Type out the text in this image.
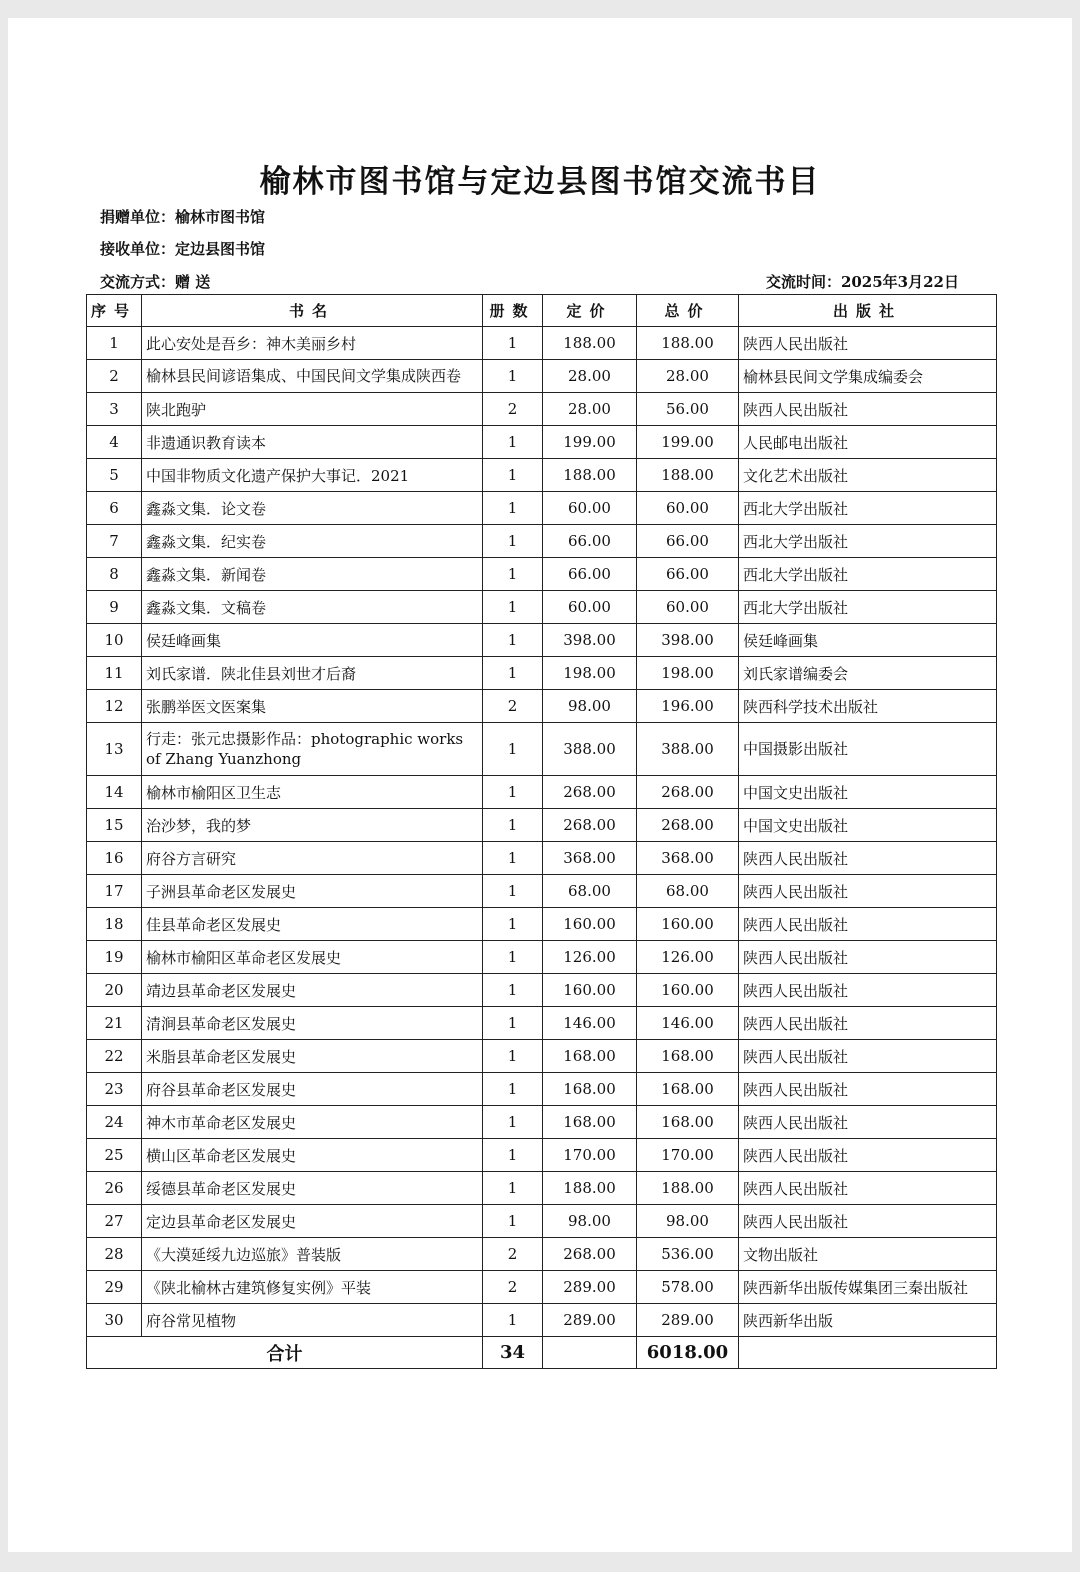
榆林市图书馆与定边县图书馆交流书目
捐赠单位：榆林市图书馆
接收单位：定边县图书馆
交流方式：赠 送	交流时间：2025年3月22日
序号	书名	册数	定价	总价	出版社
1	此心安处是吾乡：神木美丽乡村	1	188.00	188.00	陕西人民出版社
2	榆林县民间谚语集成、中国民间文学集成陕西卷	1	28.00	28.00	榆林县民间文学集成编委会
3	陕北跑驴	2	28.00	56.00	陕西人民出版社
4	非遗通识教育读本	1	199.00	199.00	人民邮电出版社
5	中国非物质文化遗产保护大事记．2021	1	188.00	188.00	文化艺术出版社
6	鑫淼文集．论文卷	1	60.00	60.00	西北大学出版社
7	鑫淼文集．纪实卷	1	66.00	66.00	西北大学出版社
8	鑫淼文集．新闻卷	1	66.00	66.00	西北大学出版社
9	鑫淼文集．文稿卷	1	60.00	60.00	西北大学出版社
10	侯廷峰画集	1	398.00	398.00	侯廷峰画集
11	刘氏家谱．陕北佳县刘世才后裔	1	198.00	198.00	刘氏家谱编委会
12	张鹏举医文医案集	2	98.00	196.00	陕西科学技术出版社
13	行走：张元忠摄影作品：photographic works of Zhang Yuanzhong	1	388.00	388.00	中国摄影出版社
14	榆林市榆阳区卫生志	1	268.00	268.00	中国文史出版社
15	治沙梦，我的梦	1	268.00	268.00	中国文史出版社
16	府谷方言研究	1	368.00	368.00	陕西人民出版社
17	子洲县革命老区发展史	1	68.00	68.00	陕西人民出版社
18	佳县革命老区发展史	1	160.00	160.00	陕西人民出版社
19	榆林市榆阳区革命老区发展史	1	126.00	126.00	陕西人民出版社
20	靖边县革命老区发展史	1	160.00	160.00	陕西人民出版社
21	清涧县革命老区发展史	1	146.00	146.00	陕西人民出版社
22	米脂县革命老区发展史	1	168.00	168.00	陕西人民出版社
23	府谷县革命老区发展史	1	168.00	168.00	陕西人民出版社
24	神木市革命老区发展史	1	168.00	168.00	陕西人民出版社
25	横山区革命老区发展史	1	170.00	170.00	陕西人民出版社
26	绥德县革命老区发展史	1	188.00	188.00	陕西人民出版社
27	定边县革命老区发展史	1	98.00	98.00	陕西人民出版社
28	《大漠延绥九边巡旅》普装版	2	268.00	536.00	文物出版社
29	《陕北榆林古建筑修复实例》平装	2	289.00	578.00	陕西新华出版传媒集团三秦出版社
30	府谷常见植物	1	289.00	289.00	陕西新华出版
合计		34		6018.00	
